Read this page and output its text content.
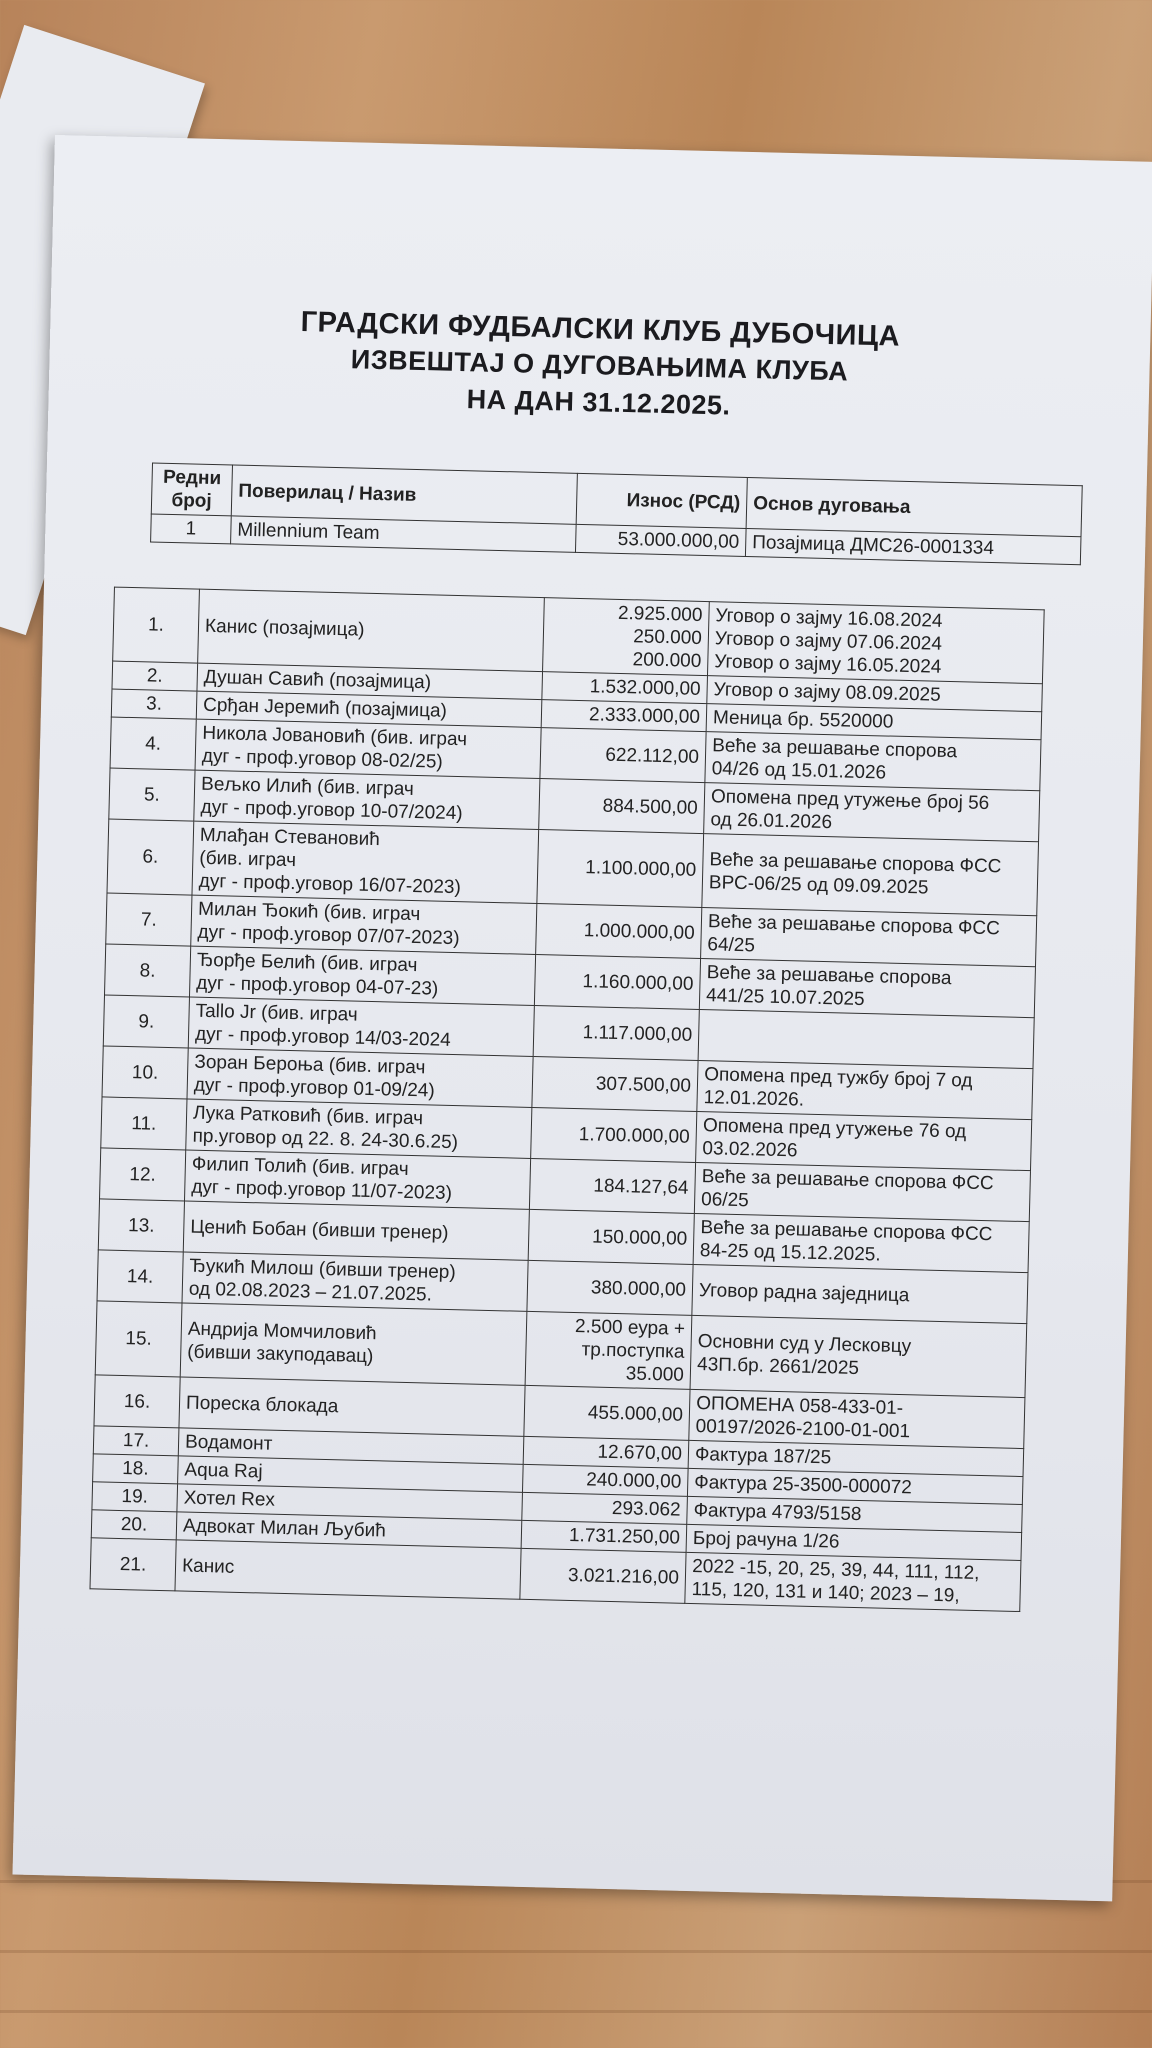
ГРАДСКИ ФУДБАЛСКИ КЛУБ ДУБОЧИЦА
ИЗВЕШТАЈ О ДУГОВАЊИМА КЛУБА
НА ДАН 31.12.2025.
Редни
број	Поверилац / Назив	Износ (РСД)	Основ дуговања
1	Millennium Team	53.000.000,00	Позајмица ДМС26-0001334
1.	Канис (позајмица)	2.925.000
250.000
200.000	Уговор о зајму 16.08.2024
Уговор о зајму 07.06.2024
Уговор о зајму 16.05.2024
2.	Душан Савић (позајмица)	1.532.000,00	Уговор о зајму 08.09.2025
3.	Срђан Јеремић (позајмица)	2.333.000,00	Меница бр. 5520000
4.	Никола Јовановић (бив. играч
дуг - проф.уговор 08-02/25)	622.112,00	Веће за решавање спорова
04/26 од 15.01.2026
5.	Вељко Илић (бив. играч
дуг - проф.уговор 10-07/2024)	884.500,00	Опомена пред утужење број 56
од 26.01.2026
6.	Млађан Стевановић
(бив. играч
дуг - проф.уговор 16/07-2023)	1.100.000,00	Веће за решавање спорова ФСС
ВРС-06/25 од 09.09.2025
7.	Милан Ђокић (бив. играч
дуг - проф.уговор 07/07-2023)	1.000.000,00	Веће за решавање спорова ФСС
64/25
8.	Ђорђе Белић (бив. играч
дуг - проф.уговор 04-07-23)	1.160.000,00	Веће за решавање спорова
441/25 10.07.2025
9.	Tallo Jr (бив. играч
дуг - проф.уговор 14/03-2024	1.117.000,00	
10.	Зоран Берoња (бив. играч
дуг - проф.уговор 01-09/24)	307.500,00	Опомена пред тужбу број 7 од
12.01.2026.
11.	Лука Ратковић (бив. играч
пр.уговор од 22. 8. 24-30.6.25)	1.700.000,00	Опомена пред утужење 76 од
03.02.2026
12.	Филип Толић (бив. играч
дуг - проф.уговор 11/07-2023)	184.127,64	Веће за решавање спорова ФСС
06/25
13.	Ценић Бобан (бивши тренер)	150.000,00	Веће за решавање спорова ФСС
84-25 од 15.12.2025.
14.	Ђукић Милош (бивши тренер)
од 02.08.2023 – 21.07.2025.	380.000,00	Уговор радна заједница
15.	Андрија Момчиловић
(бивши закуподавац)	2.500 еура +
тр.поступка
35.000	Основни суд у Лесковцу
43П.бр. 2661/2025
16.	Пореска блокада	455.000,00	ОПОМЕНА 058-433-01-
00197/2026-2100-01-001
17.	Водамонт	12.670,00	Фактура 187/25
18.	Aqua Raj	240.000,00	Фактура 25-3500-000072
19.	Хотел Rex	293.062	Фактура 4793/5158
20.	Адвокат Милан Љубић	1.731.250,00	Број рачуна 1/26
21.	Канис	3.021.216,00	2022 -15, 20, 25, 39, 44, 111, 112,
115, 120, 131 и 140; 2023 – 19,
